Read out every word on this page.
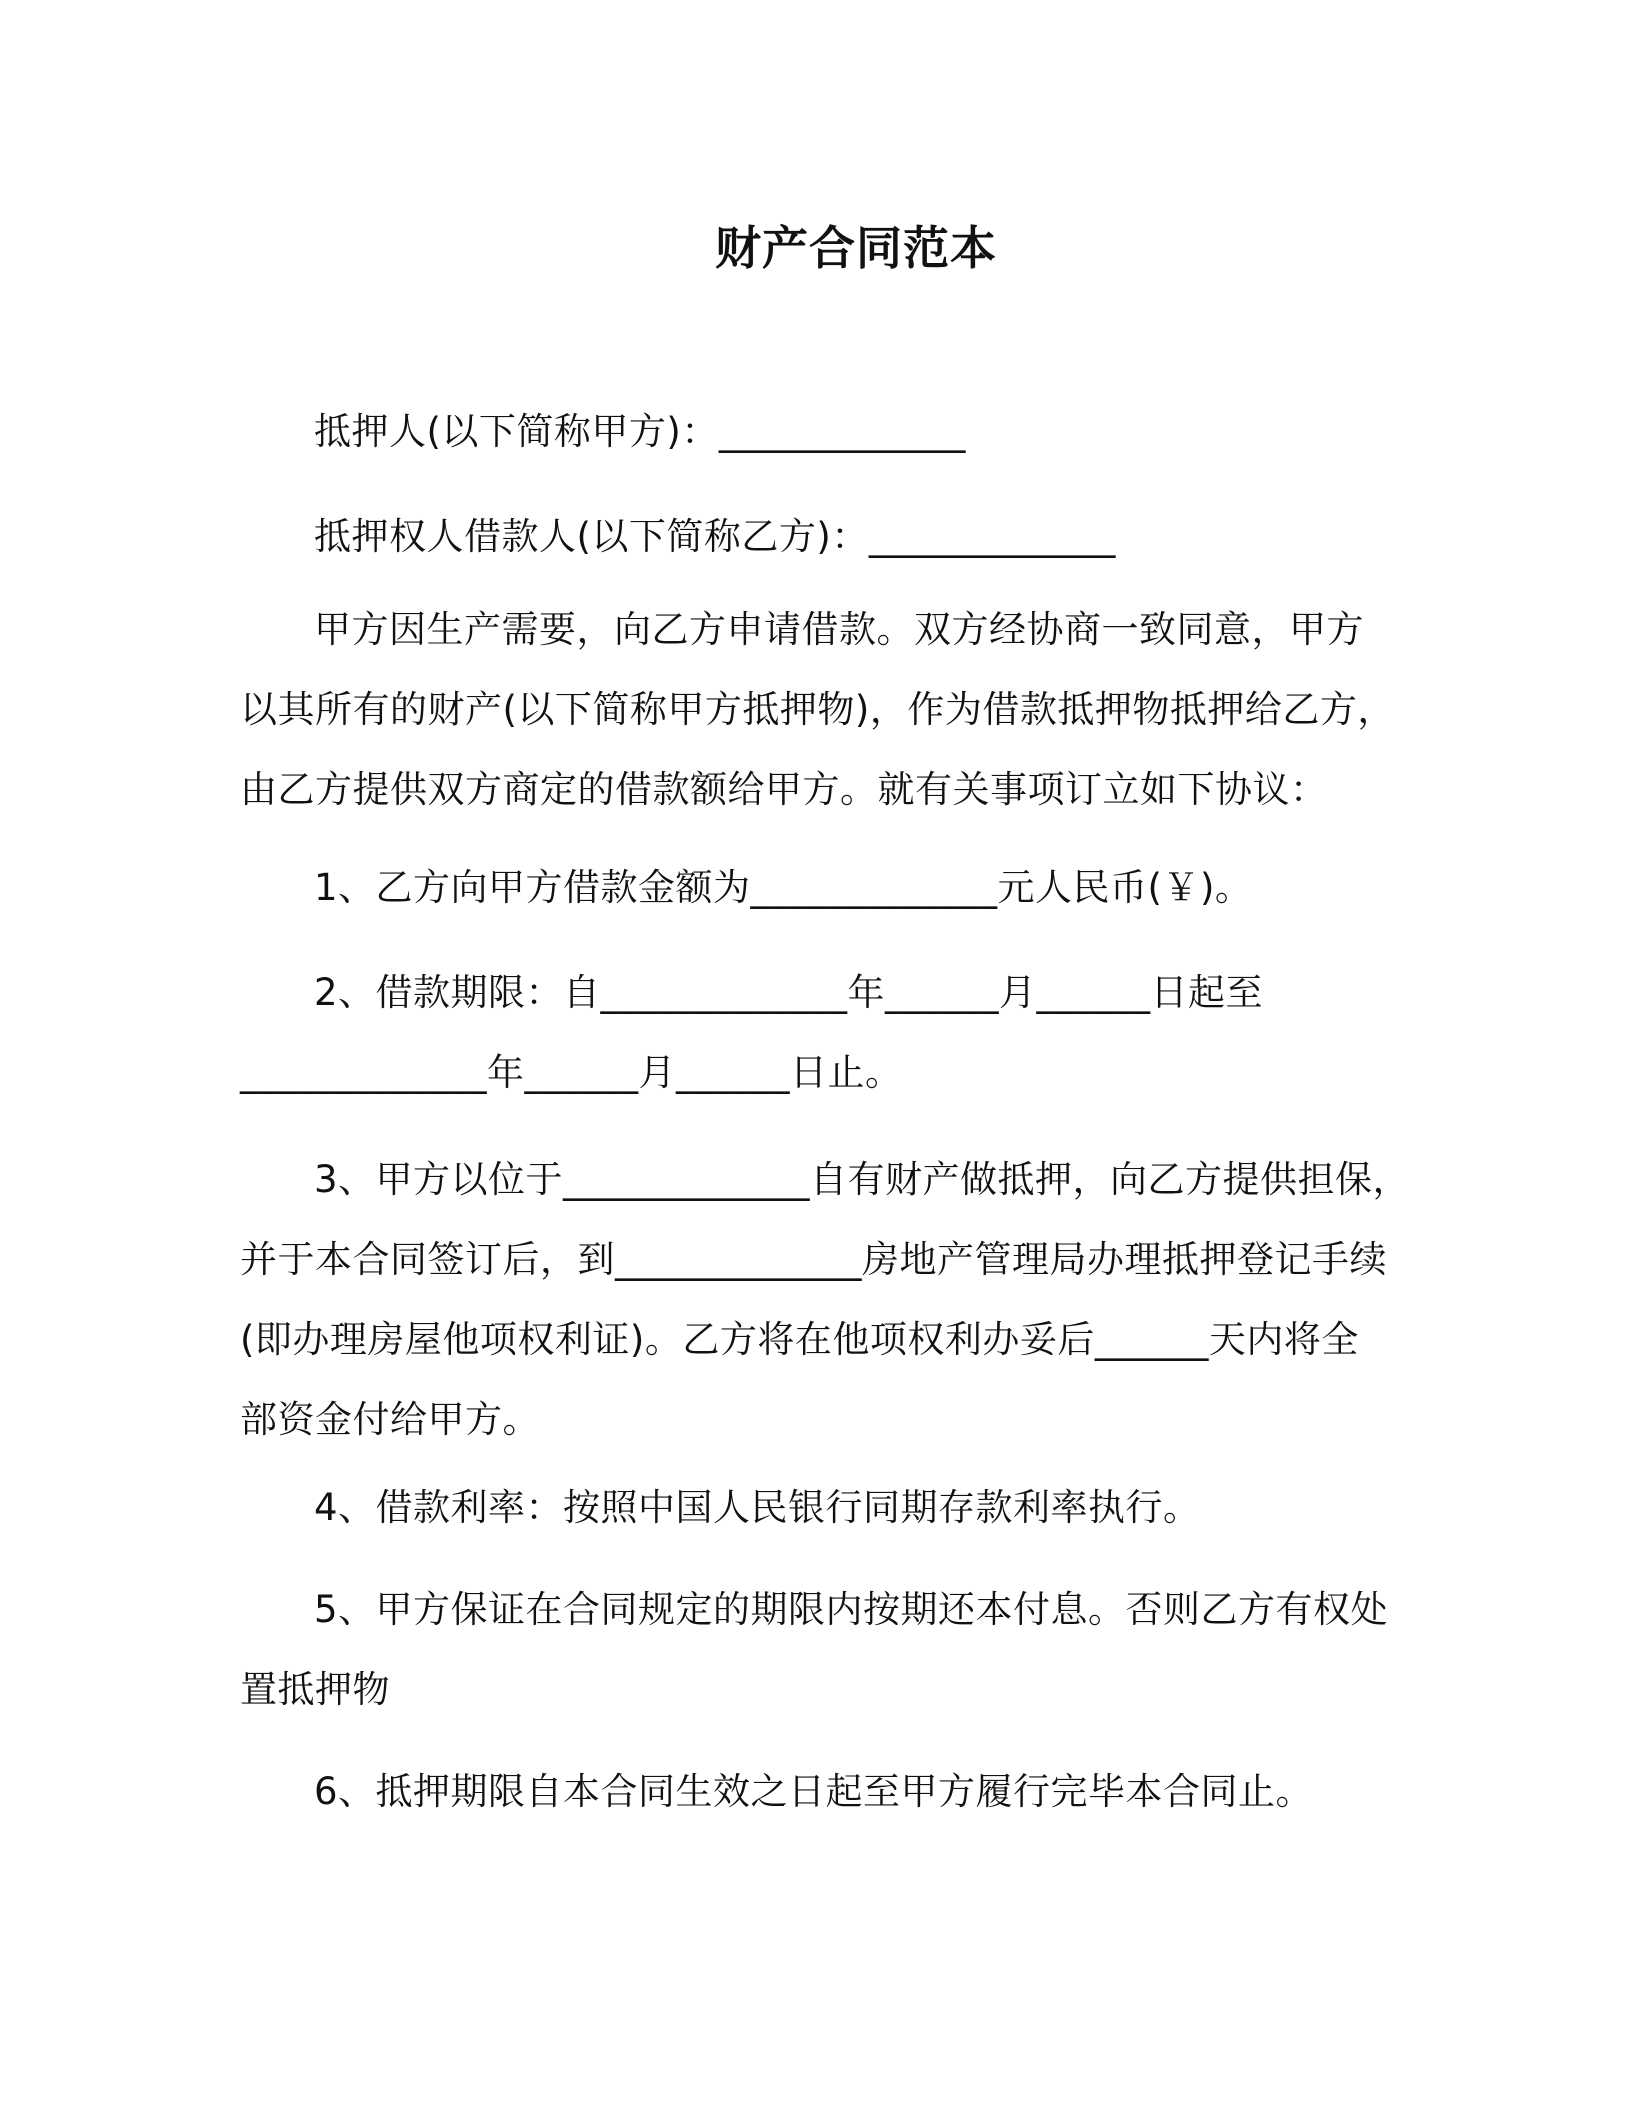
财产合同范本
抵押人(以下简称甲方)：_____________
抵押权人借款人(以下简称乙方)：_____________
甲方因生产需要，向乙方申请借款。双方经协商一致同意，甲方
以其所有的财产(以下简称甲方抵押物)，作为借款抵押物抵押给乙方，
由乙方提供双方商定的借款额给甲方。就有关事项订立如下协议：
1、乙方向甲方借款金额为_____________元人民币(￥)。
2、借款期限：自_____________年______月______日起至
_____________年______月______日止。
3、甲方以位于_____________自有财产做抵押，向乙方提供担保，
并于本合同签订后，到_____________房地产管理局办理抵押登记手续
(即办理房屋他项权利证)。乙方将在他项权利办妥后______天内将全
部资金付给甲方。
4、借款利率：按照中国人民银行同期存款利率执行。
5、甲方保证在合同规定的期限内按期还本付息。否则乙方有权处
置抵押物
6、抵押期限自本合同生效之日起至甲方履行完毕本合同止。
